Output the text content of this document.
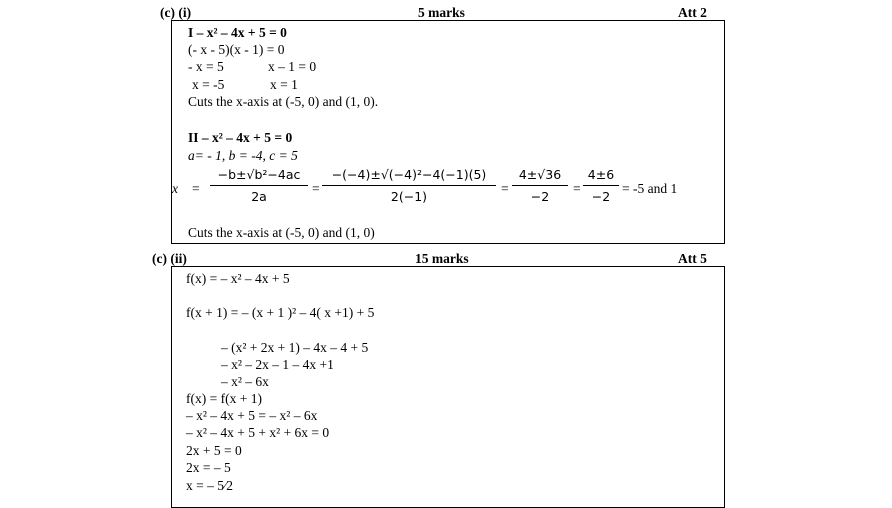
(c) (i)	5 marks	Att 2
I – x² – 4x + 5 = 0
(- x - 5)(x - 1) = 0
- x = 5	x – 1 = 0
x = -5	x = 1
Cuts the x-axis at (-5, 0) and (1, 0).
II – x² – 4x + 5 = 0
a= - 1, b = -4, c = 5
$x = \frac{\text{−b±√b²−4ac}}{2a} = \frac{\text{−(−4)±√(−4)²−4(−1)(5)}}{2(-1)} = \frac{4\pm√36}{-2} = \frac{4\pm 6}{-2} = -5$ and 1
Cuts the x-axis at (-5, 0) and (1, 0)
(c) (ii)	15 marks	Att 5
f(x) = – x² – 4x + 5
f(x + 1) = – (x + 1 )² – 4( x +1) + 5
– (x² + 2x + 1) – 4x – 4 + 5
– x² – 2x – 1 – 4x +1
– x² – 6x
f(x) = f(x + 1)
– x² – 4x + 5 = – x² – 6x
– x² – 4x + 5 + x² + 6x = 0
2x + 5 = 0
2x = – 5
x = – 5⁄2
